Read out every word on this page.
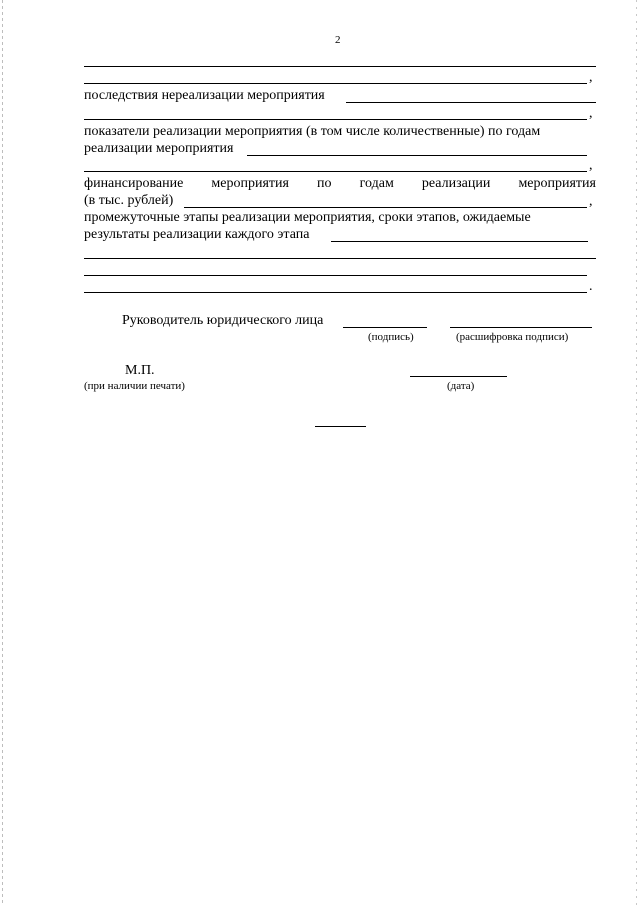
2
,
последствия нереализации мероприятия
,
показатели реализации мероприятия (в том числе количественные) по годам
реализации мероприятия
,
финансирование мероприятия по годам реализации мероприятия
(в тыс. рублей)	,
промежуточные этапы реализации мероприятия, сроки этапов, ожидаемые
результаты реализации каждого этапа
.
Руководитель юридического лица
(подпись)	(расшифровка подписи)
М.П.
(при наличии печати)	(дата)
